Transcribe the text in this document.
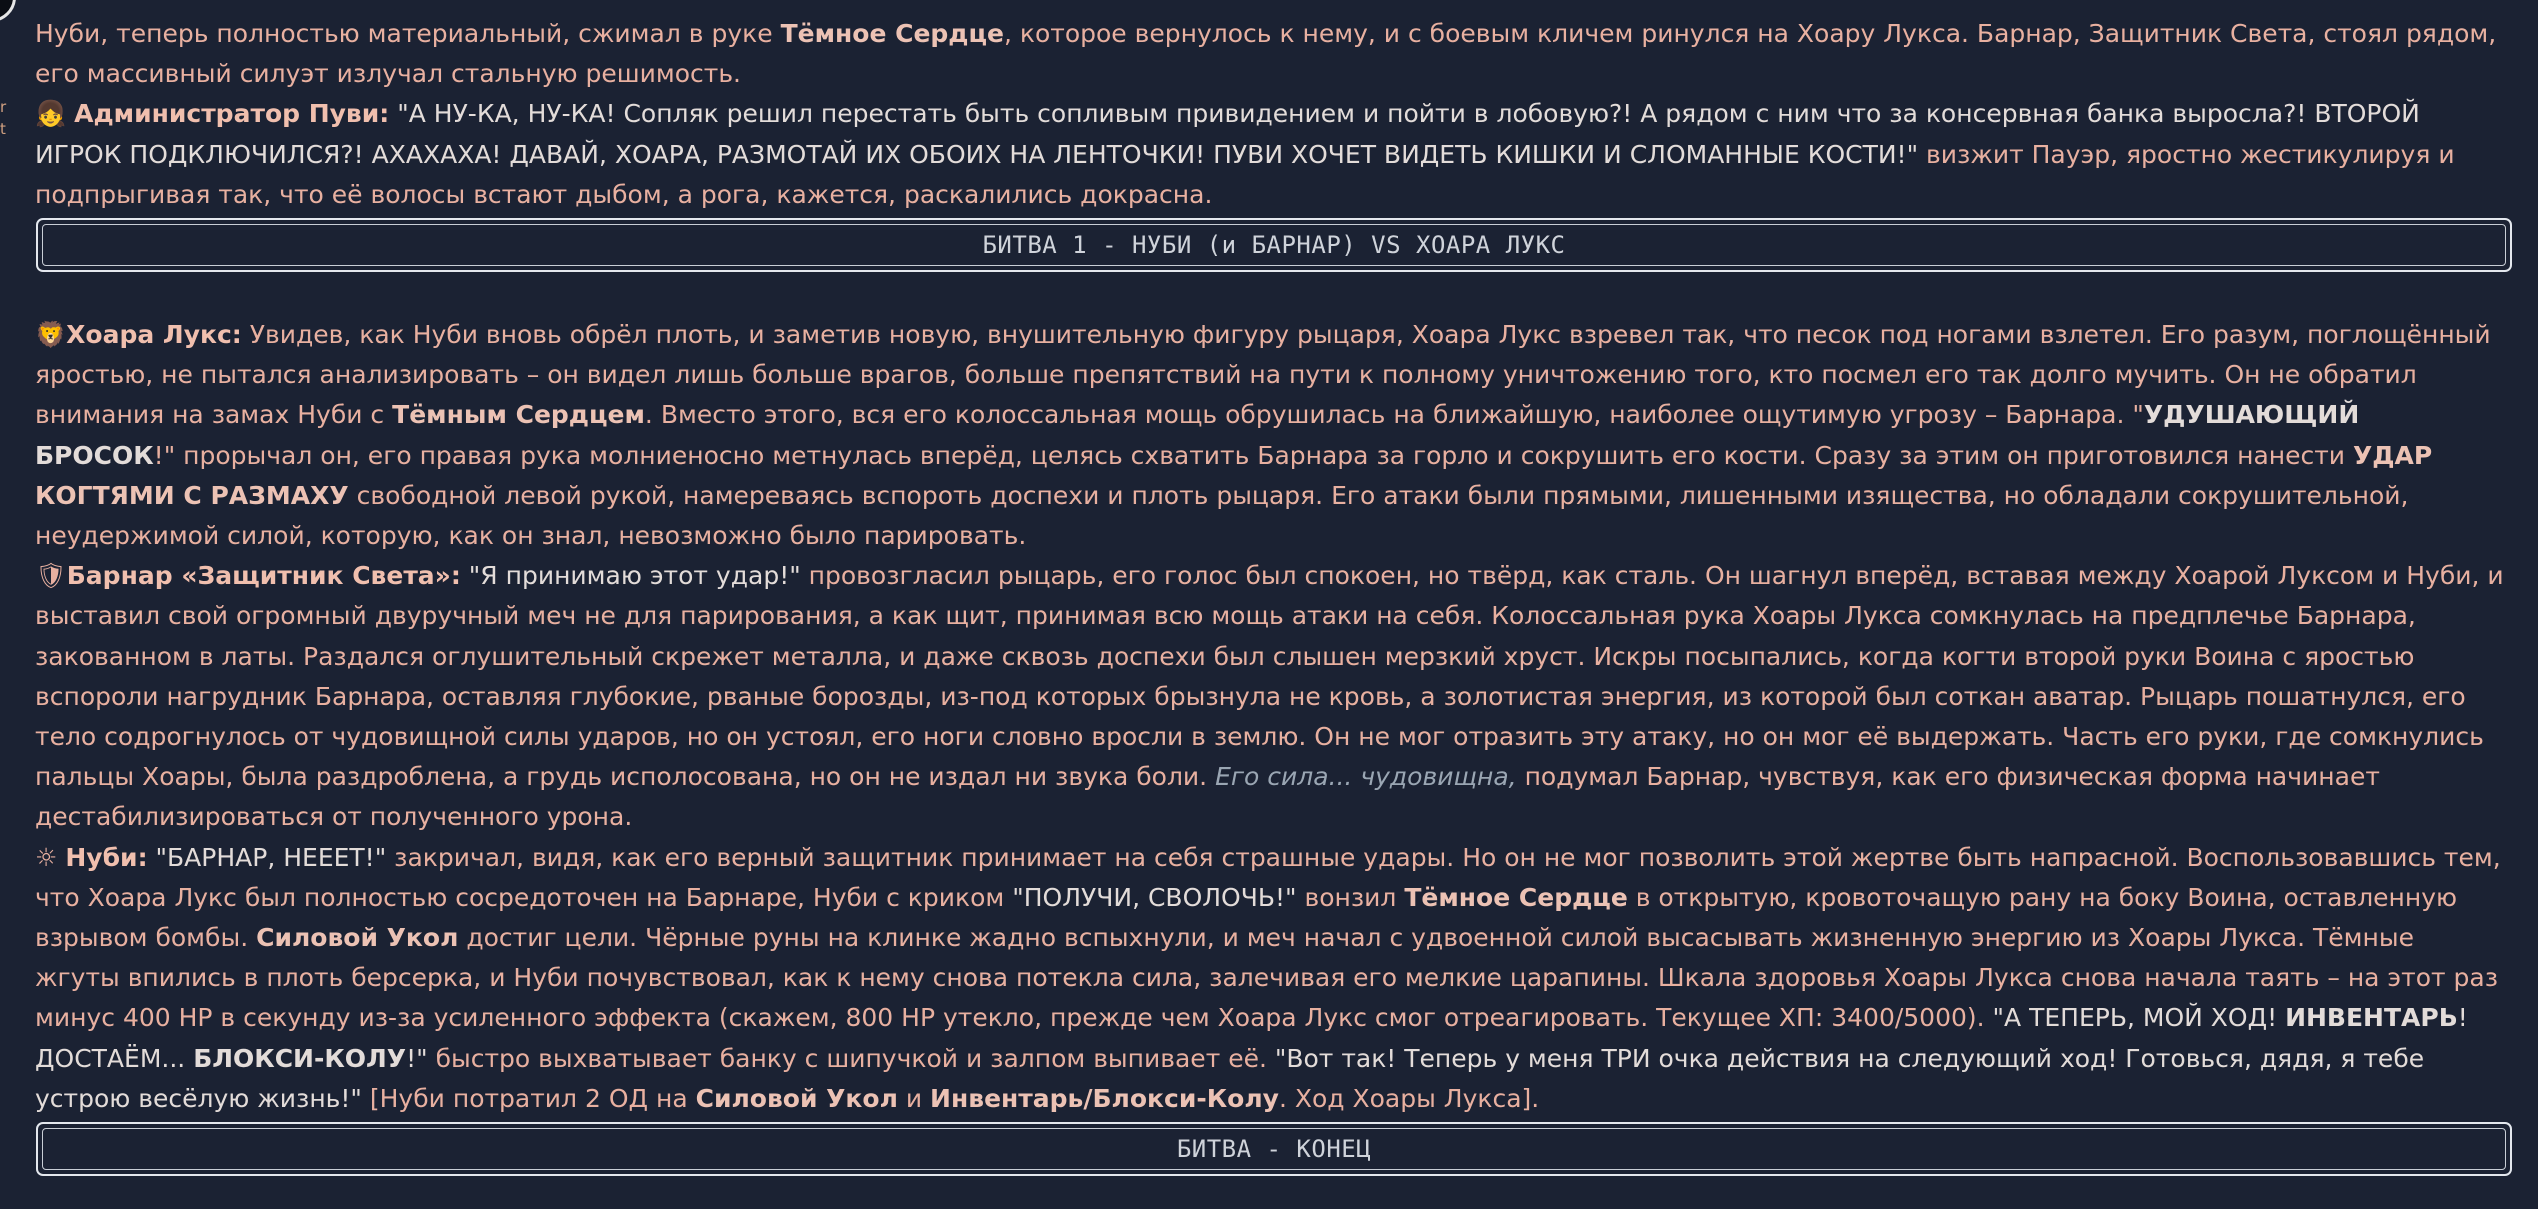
r
t

Нуби, теперь полностью материальный, сжимал в руке Тёмное Сердце, которое вернулось к нему, и с боевым кличем ринулся на Хоару Лукса. Барнар, Защитник Света, стоял рядом, его массивный силуэт излучал стальную решимость.

👧 Администратор Пуви: "А НУ-КА, НУ-КА! Сопляк решил перестать быть сопливым привидением и пойти в лобовую?! А рядом с ним что за консервная банка выросла?! ВТОРОЙ ИГРОК ПОДКЛЮЧИЛСЯ?! АХАХАХА! ДАВАЙ, ХОАРА, РАЗМОТАЙ ИХ ОБОИХ НА ЛЕНТОЧКИ! ПУВИ ХОЧЕТ ВИДЕТЬ КИШКИ И СЛОМАННЫЕ КОСТИ!" визжит Пауэр, яростно жестикулируя и подпрыгивая так, что её волосы встают дыбом, а рога, кажется, раскалились докрасна.

БИТВА 1 - НУБИ (и БАРНАР) VS ХОАРА ЛУКС

🦁Хоара Лукс: Увидев, как Нуби вновь обрёл плоть, и заметив новую, внушительную фигуру рыцаря, Хоара Лукс взревел так, что песок под ногами взлетел. Его разум, поглощённый яростью, не пытался анализировать – он видел лишь больше врагов, больше препятствий на пути к полному уничтожению того, кто посмел его так долго мучить. Он не обратил внимания на замах Нуби с Тёмным Сердцем. Вместо этого, вся его колоссальная мощь обрушилась на ближайшую, наиболее ощутимую угрозу – Барнара. "УДУШАЮЩИЙ БРОСОК!" прорычал он, его правая рука молниеносно метнулась вперёд, целясь схватить Барнара за горло и сокрушить его кости. Сразу за этим он приготовился нанести УДАР КОГТЯМИ С РАЗМАХУ свободной левой рукой, намереваясь вспороть доспехи и плоть рыцаря. Его атаки были прямыми, лишенными изящества, но обладали сокрушительной, неудержимой силой, которую, как он знал, невозможно было парировать.

🛡Барнар «Защитник Света»: "Я принимаю этот удар!" провозгласил рыцарь, его голос был спокоен, но твёрд, как сталь. Он шагнул вперёд, вставая между Хоарой Луксом и Нуби, и выставил свой огромный двуручный меч не для парирования, а как щит, принимая всю мощь атаки на себя. Колоссальная рука Хоары Лукса сомкнулась на предплечье Барнара, закованном в латы. Раздался оглушительный скрежет металла, и даже сквозь доспехи был слышен мерзкий хруст. Искры посыпались, когда когти второй руки Воина с яростью вспороли нагрудник Барнара, оставляя глубокие, рваные борозды, из-под которых брызнула не кровь, а золотистая энергия, из которой был соткан аватар. Рыцарь пошатнулся, его тело содрогнулось от чудовищной силы ударов, но он устоял, его ноги словно вросли в землю. Он не мог отразить эту атаку, но он мог её выдержать. Часть его руки, где сомкнулись пальцы Хоары, была раздроблена, а грудь исполосована, но он не издал ни звука боли. Его сила... чудовищна, подумал Барнар, чувствуя, как его физическая форма начинает дестабилизироваться от полученного урона.

☼ Нуби: "БАРНАР, НЕЕЕТ!" закричал, видя, как его верный защитник принимает на себя страшные удары. Но он не мог позволить этой жертве быть напрасной. Воспользовавшись тем, что Хоара Лукс был полностью сосредоточен на Барнаре, Нуби с криком "ПОЛУЧИ, СВОЛОЧЬ!" вонзил Тёмное Сердце в открытую, кровоточащую рану на боку Воина, оставленную взрывом бомбы. Силовой Укол достиг цели. Чёрные руны на клинке жадно вспыхнули, и меч начал с удвоенной силой высасывать жизненную энергию из Хоары Лукса. Тёмные жгуты впились в плоть берсерка, и Нуби почувствовал, как к нему снова потекла сила, залечивая его мелкие царапины. Шкала здоровья Хоары Лукса снова начала таять – на этот раз минус 400 HP в секунду из-за усиленного эффекта (скажем, 800 HP утекло, прежде чем Хоара Лукс смог отреагировать. Текущее ХП: 3400/5000). "А ТЕПЕРЬ, МОЙ ХОД! ИНВЕНТАРЬ! ДОСТАЁМ... БЛОКСИ-КОЛУ!" быстро выхватывает банку с шипучкой и залпом выпивает её. "Вот так! Теперь у меня ТРИ очка действия на следующий ход! Готовься, дядя, я тебе устрою весёлую жизнь!" [Нуби потратил 2 ОД на Силовой Укол и Инвентарь/Блокси-Колу. Ход Хоары Лукса].

БИТВА - КОНЕЦ
